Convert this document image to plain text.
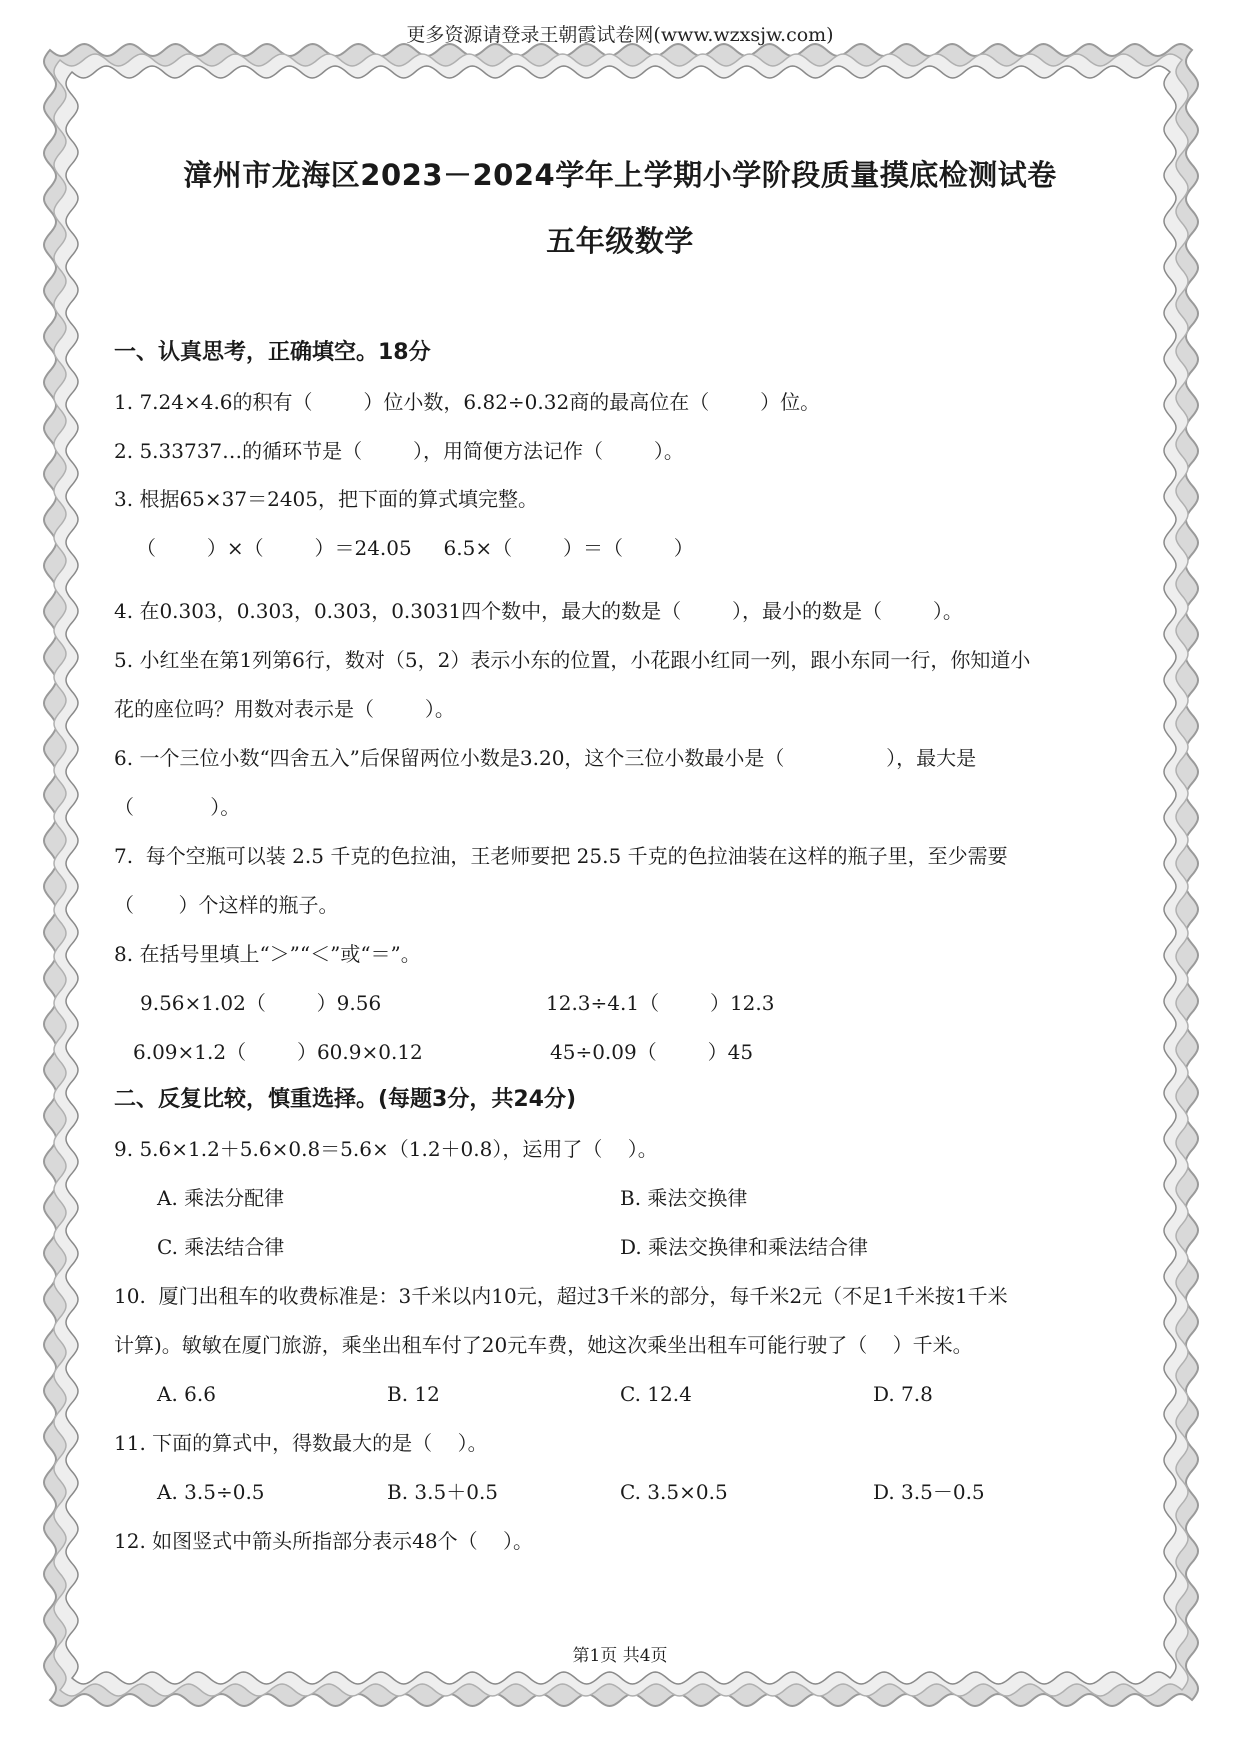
更多资源请登录王朝霞试卷网(www.wzxsjw.com)
漳州市龙海区2023－2024学年上学期小学阶段质量摸底检测试卷
五年级数学
一、认真思考，正确填空。18分
1. 7.24×4.6的积有（        ）位小数，6.82÷0.32商的最高位在（        ）位。
2. 5.33737…的循环节是（        ），用简便方法记作（        ）。
3. 根据65×37＝2405，把下面的算式填完整。
（        ）×（        ）＝24.05     6.5×（        ）＝（        ）
4. 在0.303，0.303，0.303，0.3031四个数中，最大的数是（        ），最小的数是（        ）。
5. 小红坐在第1列第6行，数对（5，2）表示小东的位置，小花跟小红同一列，跟小东同一行，你知道小
花的座位吗？用数对表示是（        ）。
6. 一个三位小数“四舍五入”后保留两位小数是3.20，这个三位小数最小是（                ），最大是
（            ）。
7.  每个空瓶可以装 2.5 千克的色拉油，王老师要把 25.5 千克的色拉油装在这样的瓶子里，至少需要
（       ）个这样的瓶子。
8. 在括号里填上“＞”“＜”或“＝”。
9.56×1.02（        ）9.56	12.3÷4.1（        ）12.3
6.09×1.2（        ）60.9×0.12	45÷0.09（        ）45
二、反复比较，慎重选择。(每题3分，共24分)
9. 5.6×1.2＋5.6×0.8＝5.6×（1.2＋0.8），运用了（    ）。
A. 乘法分配律	B. 乘法交换律
C. 乘法结合律	D. 乘法交换律和乘法结合律
10.  厦门出租车的收费标准是：3千米以内10元，超过3千米的部分，每千米2元（不足1千米按1千米
计算)。敏敏在厦门旅游，乘坐出租车付了20元车费，她这次乘坐出租车可能行驶了（    ）千米。
A. 6.6	B. 12	C. 12.4	D. 7.8
11. 下面的算式中，得数最大的是（    ）。
A. 3.5÷0.5	B. 3.5＋0.5	C. 3.5×0.5	D. 3.5－0.5
12. 如图竖式中箭头所指部分表示48个（    ）。
第1页 共4页
